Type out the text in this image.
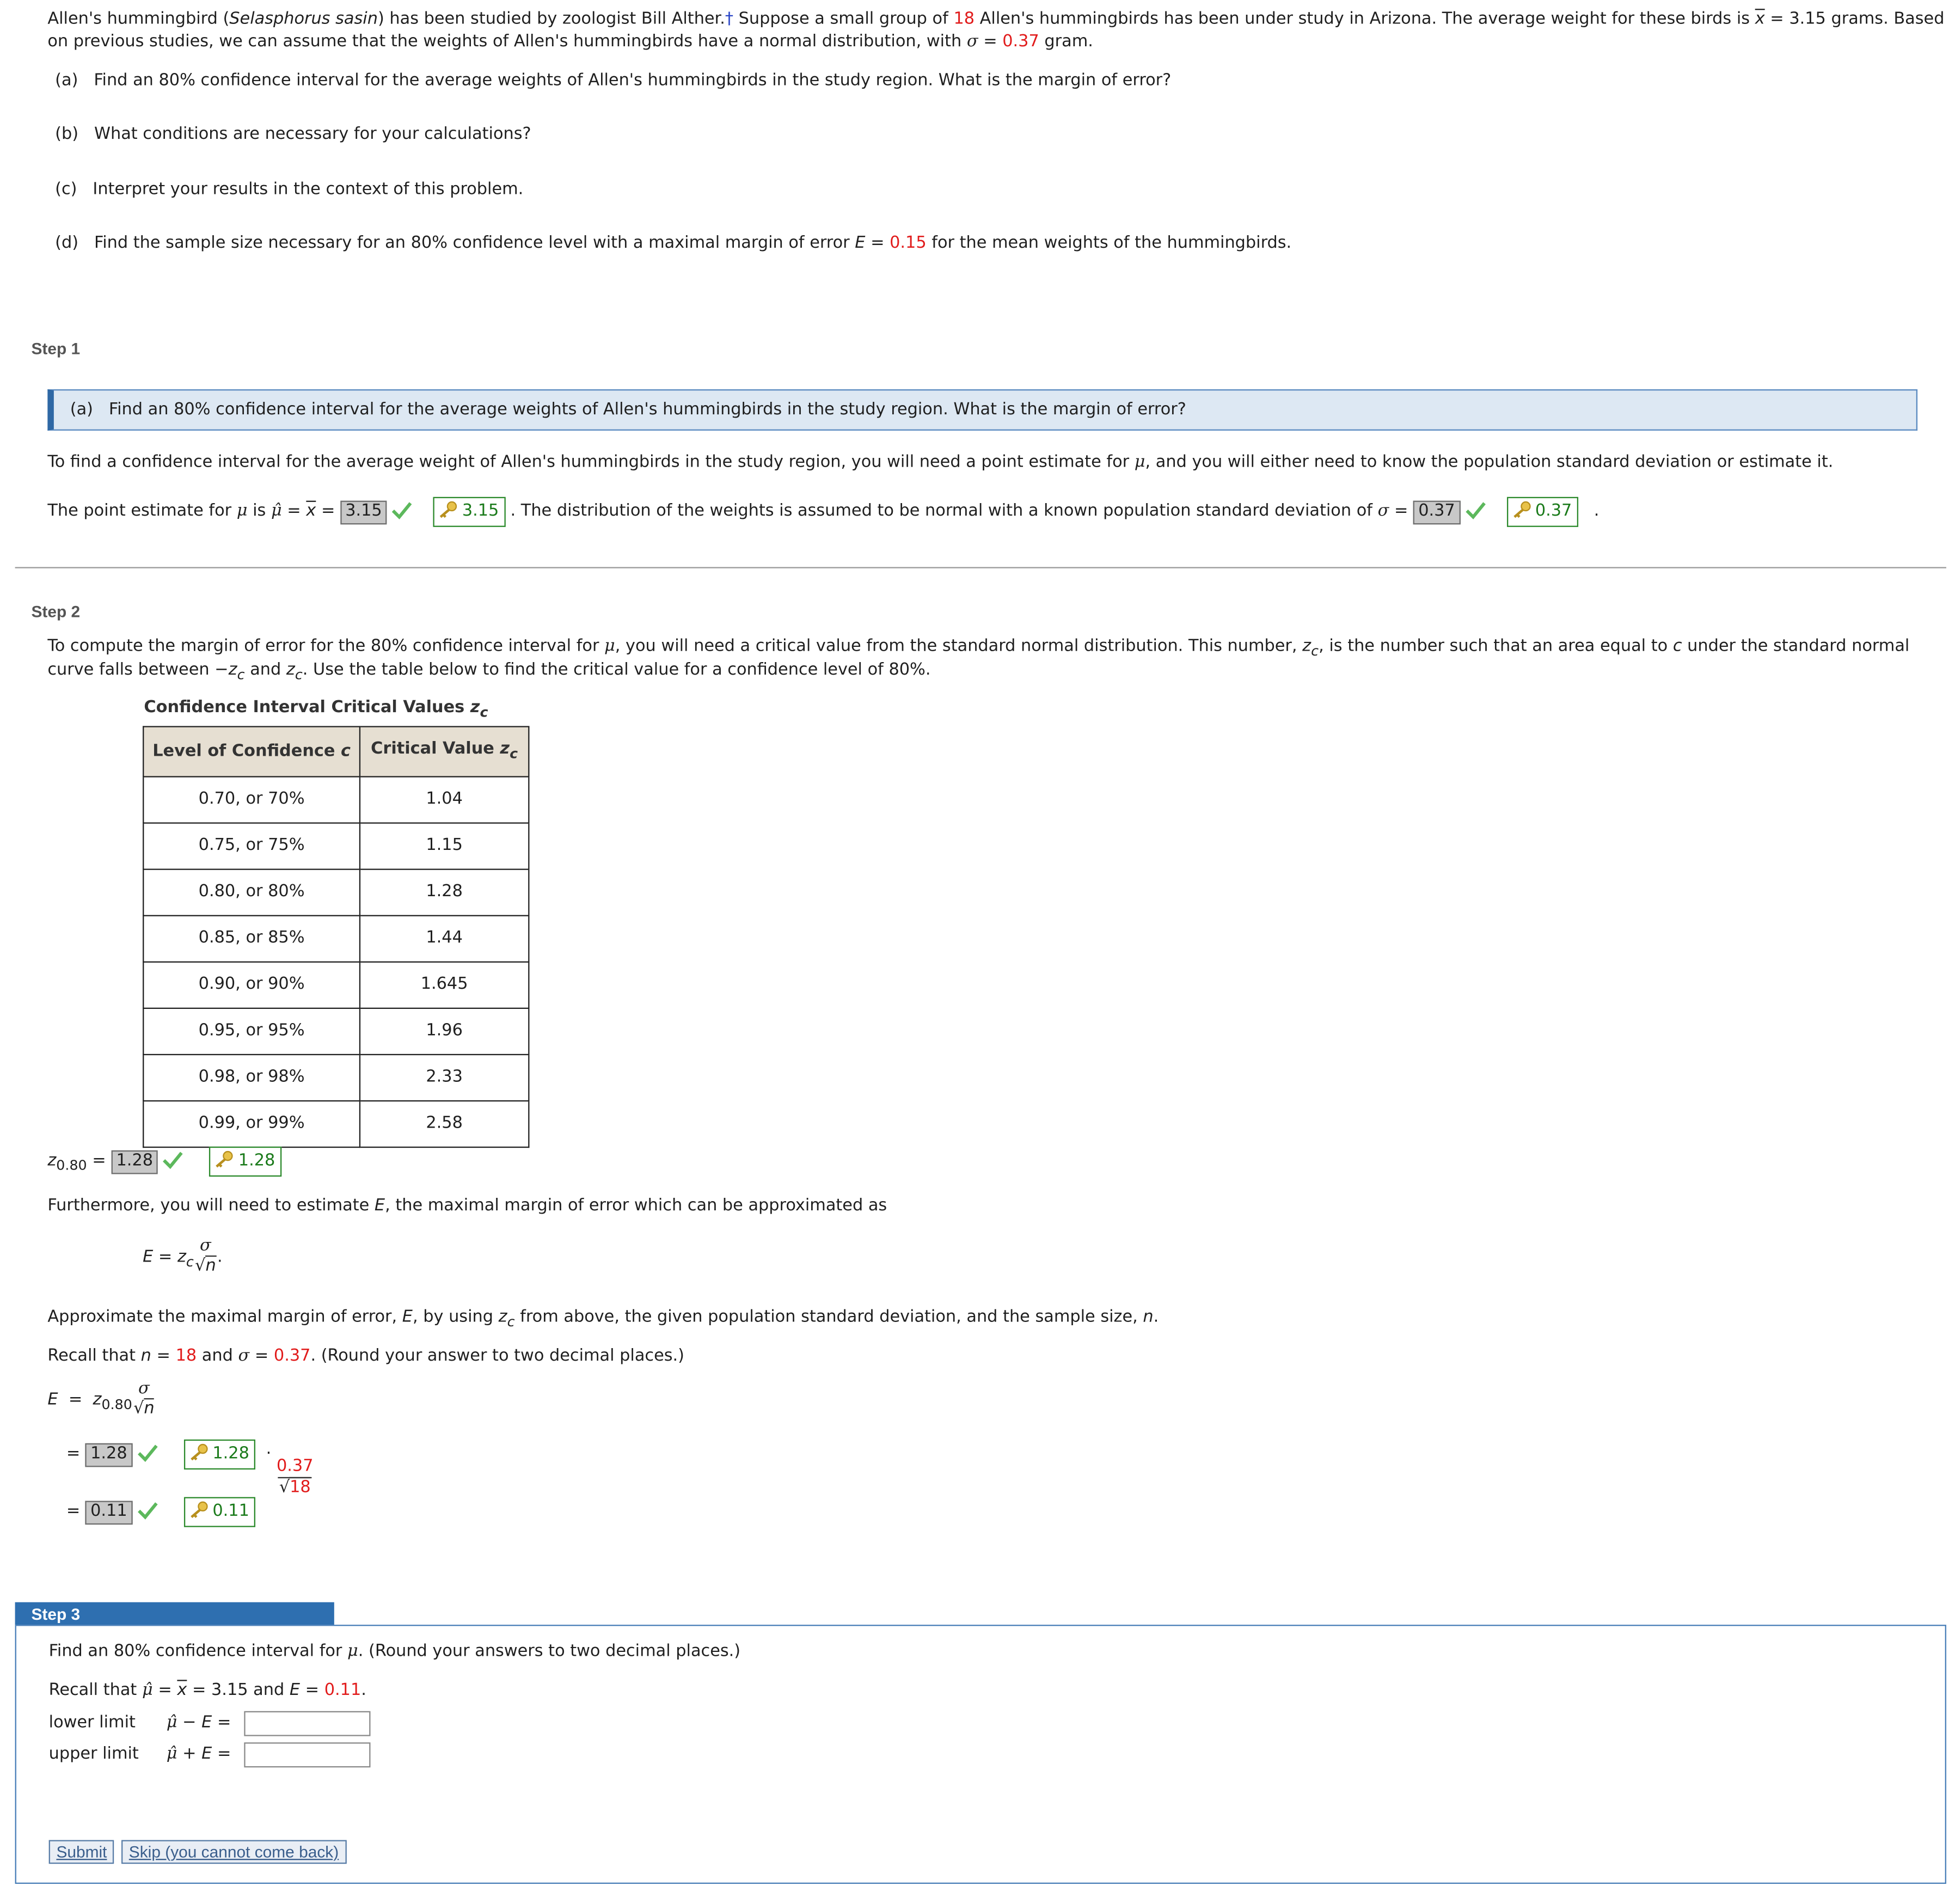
Allen's hummingbird (Selasphorus sasin) has been studied by zoologist Bill Alther.† Suppose a small group of 18 Allen's hummingbirds has been under study in Arizona. The average weight for these birds is $\overline{x} = 3.15$ grams. Based
on previous studies, we can assume that the weights of Allen's hummingbirds have a normal distribution, with σ = 0.37 gram.
(a) Find an 80% confidence interval for the average weights of Allen's hummingbirds in the study region. What is the margin of error?
(b) What conditions are necessary for your calculations?
(c) Interpret your results in the context of this problem.
(d) Find the sample size necessary for an 80% confidence level with a maximal margin of error E = 0.15 for the mean weights of the hummingbirds.
Step 1
(a) Find an 80% confidence interval for the average weights of Allen's hummingbirds in the study region. What is the margin of error?
To find a confidence interval for the average weight of Allen's hummingbirds in the study region, you will need a point estimate for μ, and you will either need to know the population standard deviation or estimate it.
The point estimate for μ is μ̂ = $\overline{x} = 3.15$	3.15 . The distribution of the weights is assumed to be normal with a known population standard deviation of σ = 0.37	0.37	.
Step 2
To compute the margin of error for the 80% confidence interval for μ, you will need a critical value from the standard normal distribution. This number, $z_c$, is the number such that an area equal to c under the standard normal
curve falls between $-z_c$ and $z_c$. Use the table below to find the critical value for a confidence level of 80%.
Confidence Interval Critical Values $z_c$
Level of Confidence c	Critical Value $z_c$
0.70, or 70%	1.04
0.75, or 75%	1.15
0.80, or 80%	1.28
0.85, or 85%	1.44
0.90, or 90%	1.645
0.95, or 95%	1.96
0.98, or 98%	2.33
0.99, or 99%	2.58
$z_{0.80} = 1.28$	1.28
Furthermore, you will need to estimate E, the maximal margin of error which can be approximated as
$E = z_c$
σ
√n .
Approximate the maximal margin of error, E, by using $z_c$ from above, the given population standard deviation, and the sample size, n.
Recall that n = 18 and σ = 0.37. (Round your answer to two decimal places.)
$E = z_{0.80}$
σ
√n
= 1.28	1.28 ·
$\frac{0.37}{√18}$
= 0.11	0.11
Step 3
Find an 80% confidence interval for μ. (Round your answers to two decimal places.)
Recall that μ̂ = $\overline{x} = 3.15$ and E = 0.11.
lower limit	μ̂ − E =
upper limit	μ̂ + E =
Submit	Skip (you cannot come back)
